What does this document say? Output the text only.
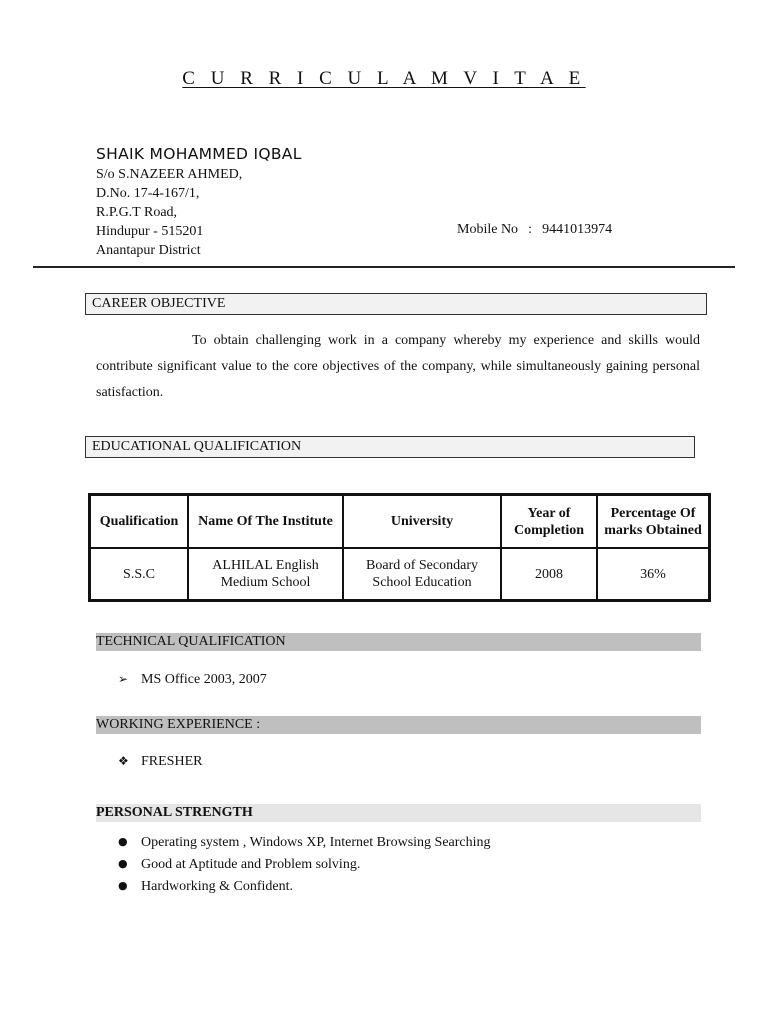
C U R R I C U L A M V I T A E
SHAIK MOHAMMED IQBAL
S/o S.NAZEER AHMED,
D.No. 17-4-167/1,
R.P.G.T Road,
Hindupur - 515201
Anantapur District
Mobile No : 9441013974
CAREER OBJECTIVE
To obtain challenging work in a company whereby my experience and skills would contribute significant value to the core objectives of the company, while simultaneously gaining personal satisfaction.
EDUCATIONAL QUALIFICATION
Qualification	Name Of The Institute	University	Year of Completion	Percentage Of marks Obtained
S.S.C	ALHILAL English Medium School	Board of Secondary School Education	2008	36%
TECHNICAL QUALIFICATION
➢ MS Office 2003, 2007
WORKING EXPERIENCE :
❖ FRESHER
PERSONAL STRENGTH
● Operating system , Windows XP, Internet Browsing Searching
● Good at Aptitude and Problem solving.
● Hardworking & Confident.
